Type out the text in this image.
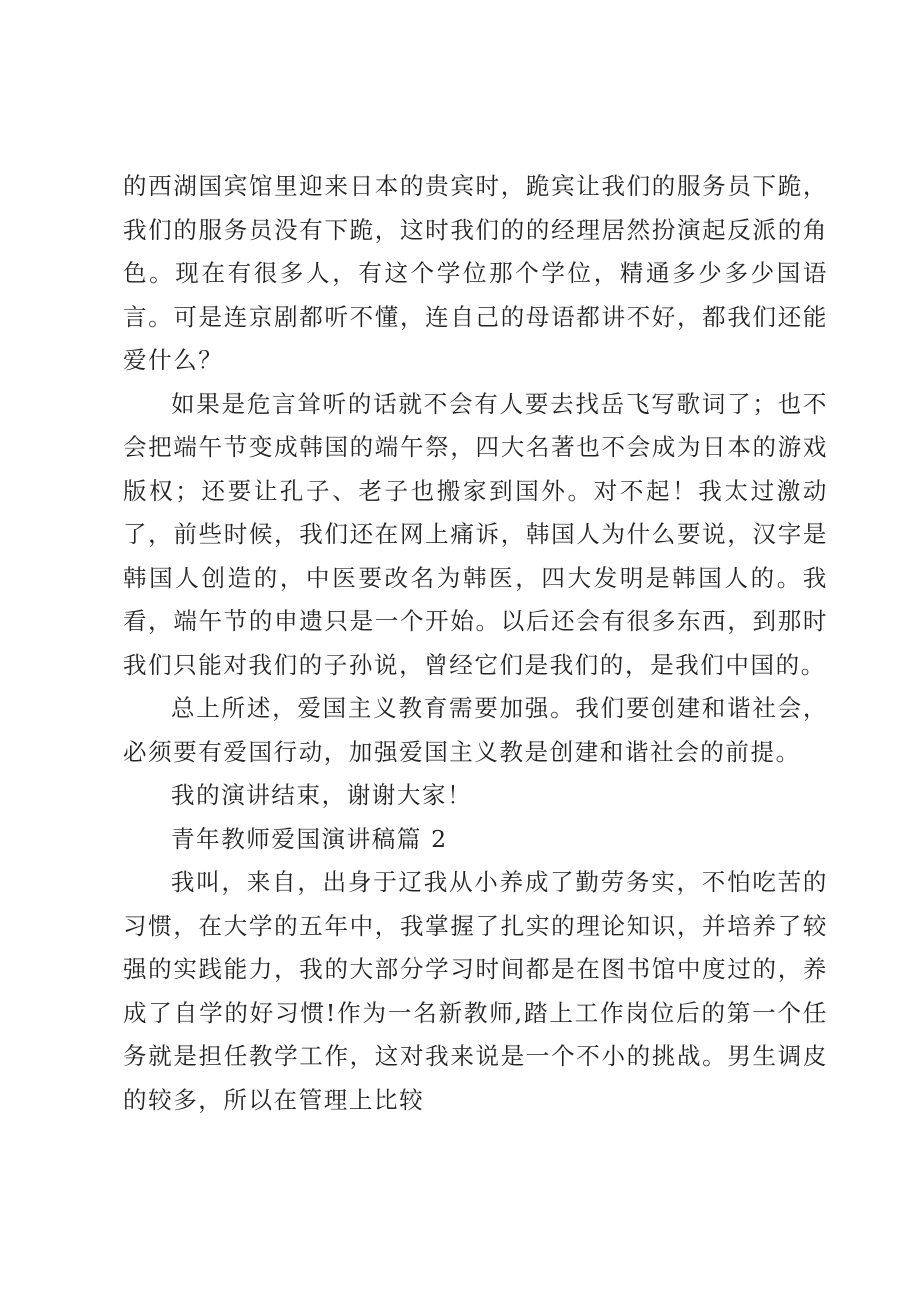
的西湖国宾馆里迎来日本的贵宾时，跪宾让我们的服务员下跪，我们的服务员没有下跪，这时我们的的经理居然扮演起反派的角色。现在有很多人，有这个学位那个学位，精通多少多少国语言。可是连京剧都听不懂，连自己的母语都讲不好，都我们还能爱什么？

如果是危言耸听的话就不会有人要去找岳飞写歌词了；也不会把端午节变成韩国的端午祭，四大名著也不会成为日本的游戏版权；还要让孔子、老子也搬家到国外。对不起！我太过激动了，前些时候，我们还在网上痛诉，韩国人为什么要说，汉字是韩国人创造的，中医要改名为韩医，四大发明是韩国人的。我看，端午节的申遗只是一个开始。以后还会有很多东西，到那时我们只能对我们的子孙说，曾经它们是我们的，是我们中国的。

总上所述，爱国主义教育需要加强。我们要创建和谐社会，必须要有爱国行动，加强爱国主义教是创建和谐社会的前提。

我的演讲结束，谢谢大家！

青年教师爱国演讲稿篇 2

我叫，来自，出身于辽我从小养成了勤劳务实，不怕吃苦的习惯，在大学的五年中，我掌握了扎实的理论知识，并培养了较强的实践能力，我的大部分学习时间都是在图书馆中度过的，养成了自学的好习惯!作为一名新教师,踏上工作岗位后的第一个任务就是担任教学工作，这对我来说是一个不小的挑战。男生调皮的较多，所以在管理上比较
